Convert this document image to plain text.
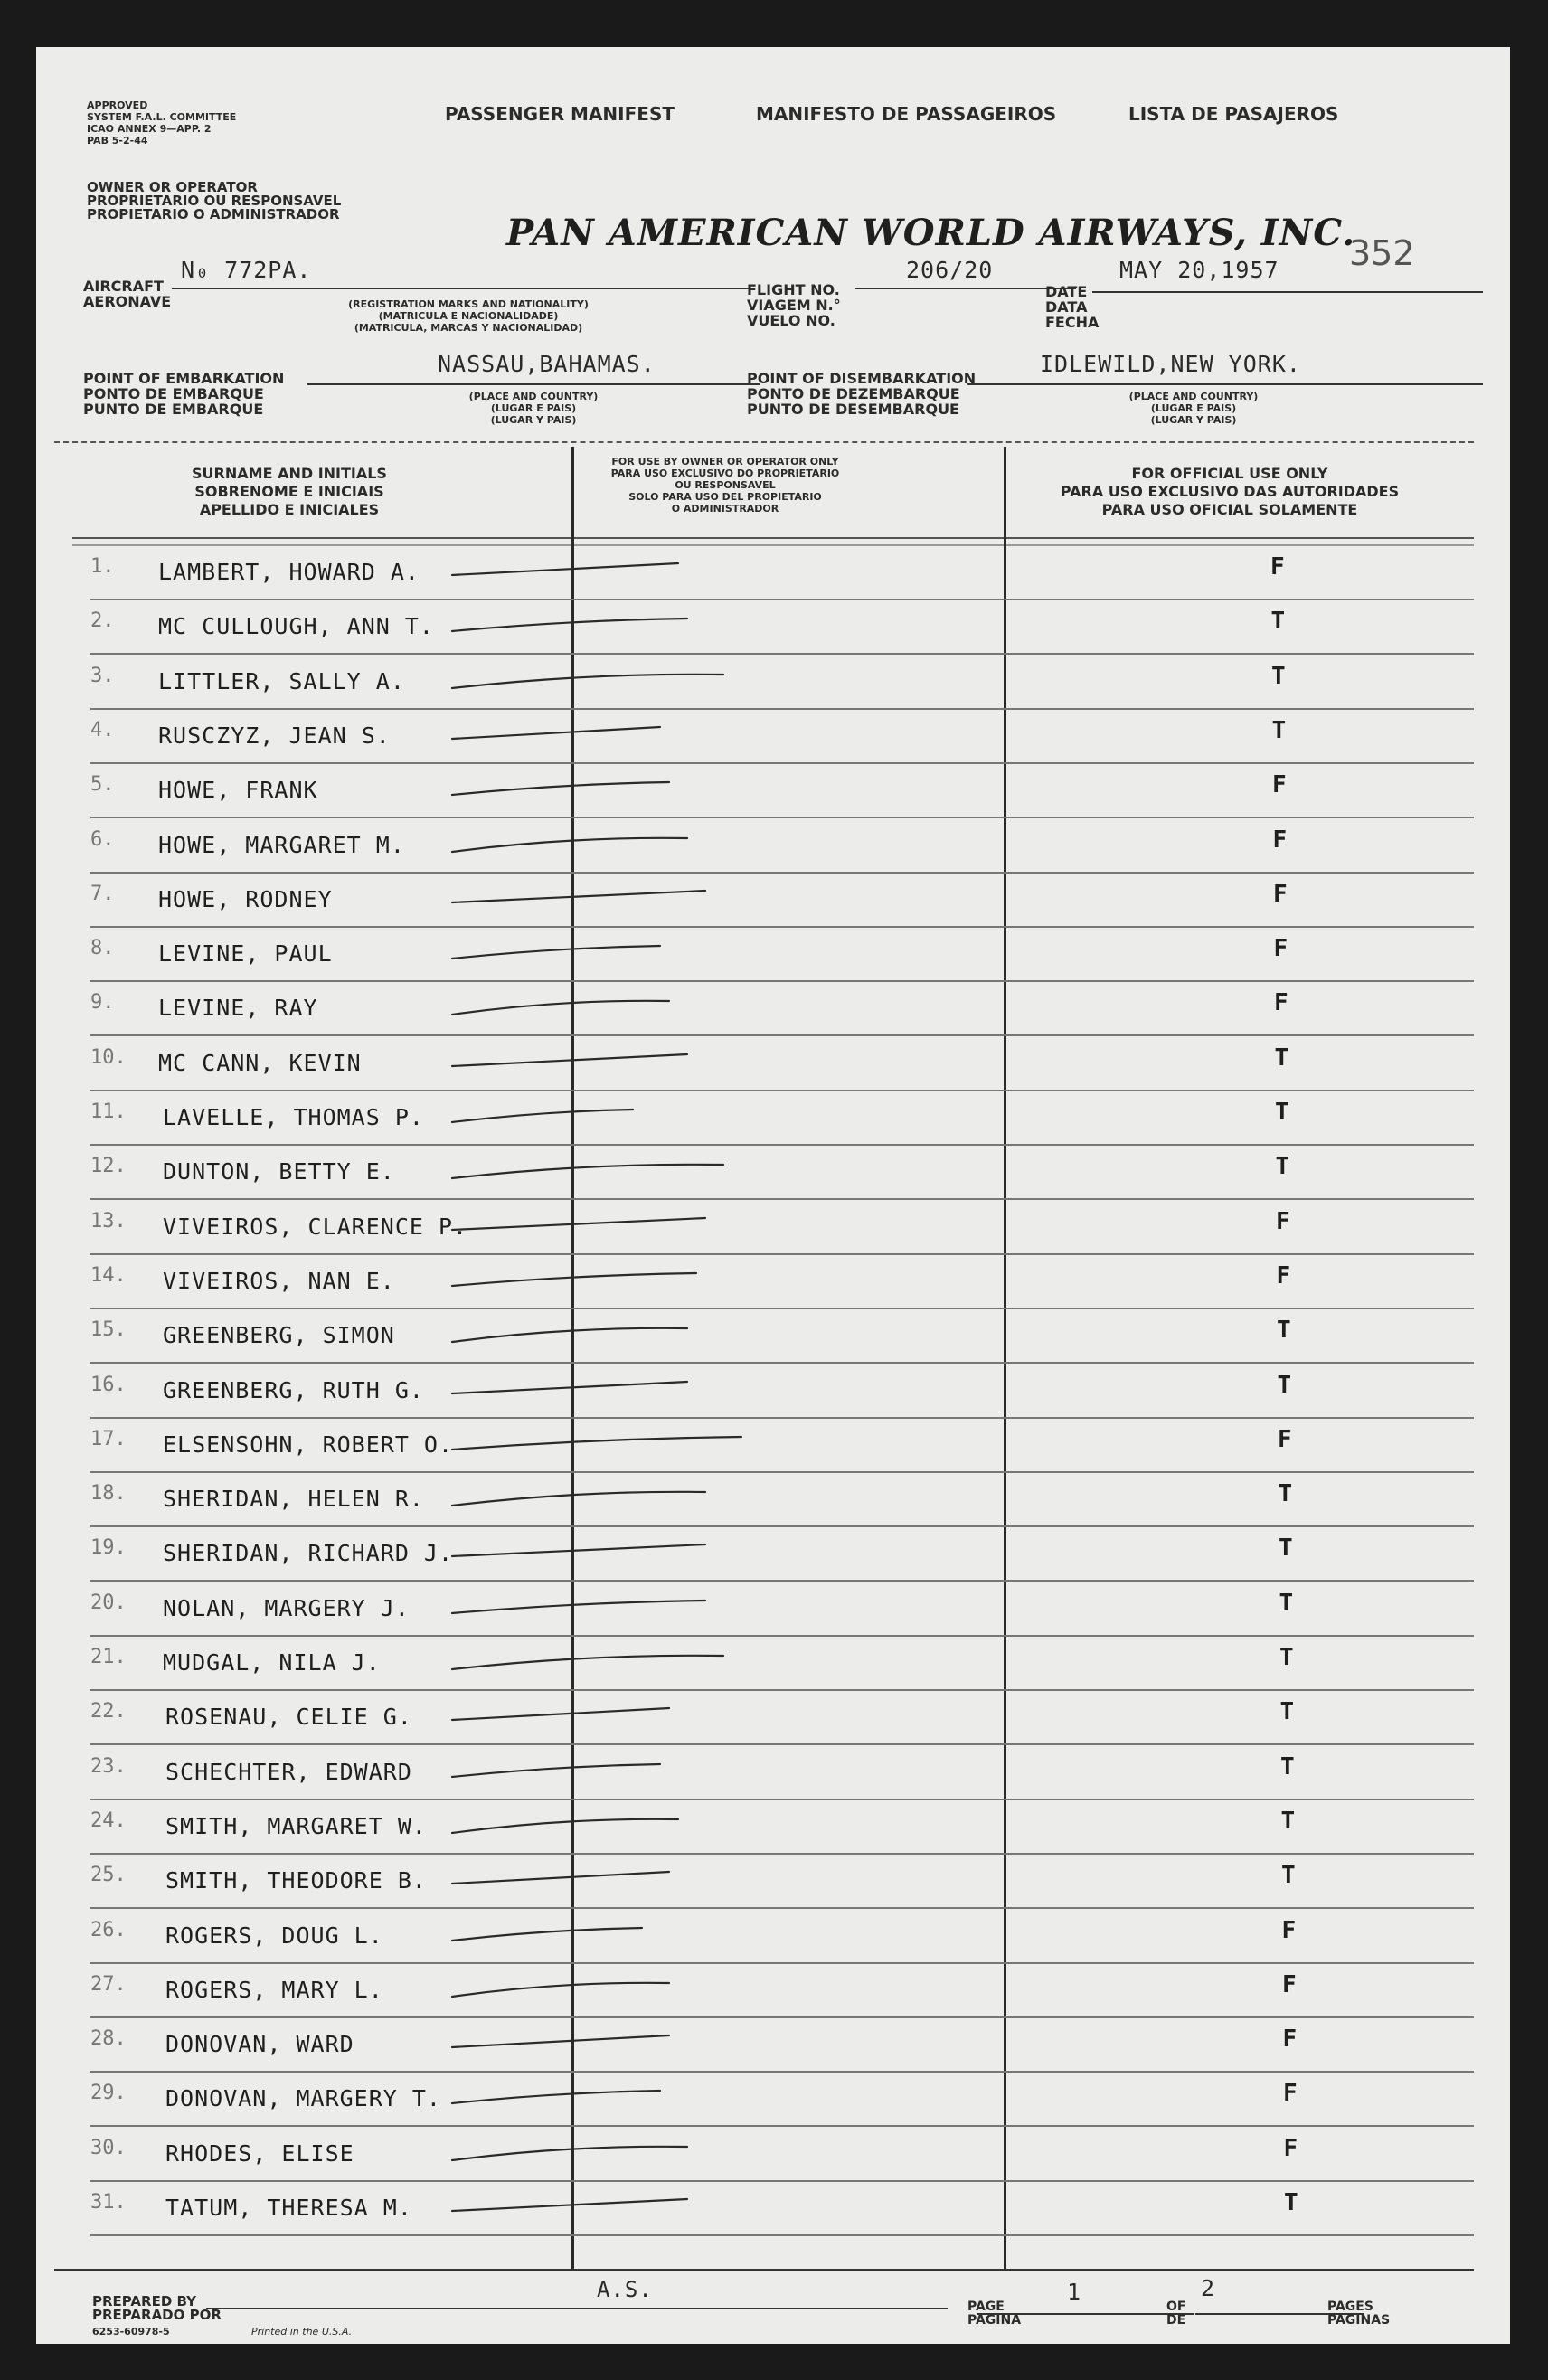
APPROVED
SYSTEM F.A.L. COMMITTEE
ICAO ANNEX 9—APP. 2
PAB 5-2-44
PASSENGER MANIFEST	MANIFESTO DE PASSAGEIROS	LISTA DE PASAJEROS
OWNER OR OPERATOR
PROPRIETARIO OU RESPONSAVEL
PROPIETARIO O ADMINISTRADOR	PAN AMERICAN WORLD AIRWAYS, INC.
352
AIRCRAFT
AERONAVE
N₀ 772PA.
(REGISTRATION MARKS AND NATIONALITY)
(MATRICULA E NACIONALIDADE)
(MATRICULA, MARCAS Y NACIONALIDAD)
FLIGHT NO.
VIAGEM N.°
VUELO NO.
206/20
DATE
DATA
FECHA
MAY 20,1957
POINT OF EMBARKATION
PONTO DE EMBARQUE
PUNTO DE EMBARQUE
NASSAU,BAHAMAS.
(PLACE AND COUNTRY)
(LUGAR E PAIS)
(LUGAR Y PAIS)
POINT OF DISEMBARKATION
PONTO DE DEZEMBARQUE
PUNTO DE DESEMBARQUE
IDLEWILD,NEW YORK.
(PLACE AND COUNTRY)
(LUGAR E PAIS)
(LUGAR Y PAIS)
SURNAME AND INITIALS
SOBRENOME E INICIAIS
APELLIDO E INICIALES
FOR USE BY OWNER OR OPERATOR ONLY
PARA USO EXCLUSIVO DO PROPRIETARIO
OU RESPONSAVEL
SOLO PARA USO DEL PROPIETARIO
O ADMINISTRADOR
FOR OFFICIAL USE ONLY
PARA USO EXCLUSIVO DAS AUTORIDADES
PARA USO OFICIAL SOLAMENTE
1. LAMBERT, HOWARD A.	F
2. MC CULLOUGH, ANN T.	T
3. LITTLER, SALLY A.	T
4. RUSCZYZ, JEAN S.	T
5. HOWE, FRANK	F
6. HOWE, MARGARET M.	F
7. HOWE, RODNEY	F
8. LEVINE, PAUL	F
9. LEVINE, RAY	F
10. MC CANN, KEVIN	T
11. LAVELLE, THOMAS P.	T
12. DUNTON, BETTY E.	T
13. VIVEIROS, CLARENCE P.	F
14. VIVEIROS, NAN E.	F
15. GREENBERG, SIMON	T
16. GREENBERG, RUTH G.	T
17. ELSENSOHN, ROBERT O.	F
18. SHERIDAN, HELEN R.	T
19. SHERIDAN, RICHARD J.	T
20. NOLAN, MARGERY J.	T
21. MUDGAL, NILA J.	T
22. ROSENAU, CELIE G.	T
23. SCHECHTER, EDWARD	T
24. SMITH, MARGARET W.	T
25. SMITH, THEODORE B.	T
26. ROGERS, DOUG L.	F
27. ROGERS, MARY L.	F
28. DONOVAN, WARD	F
29. DONOVAN, MARGERY T.	F
30. RHODES, ELISE	F
31. TATUM, THERESA M.	T
PREPARED BY
PREPARADO POR
A.S.
6253-60978-5	Printed in the U.S.A.
PAGE
PAGINA
1
OF
DE
2
PAGES
PAGINAS
